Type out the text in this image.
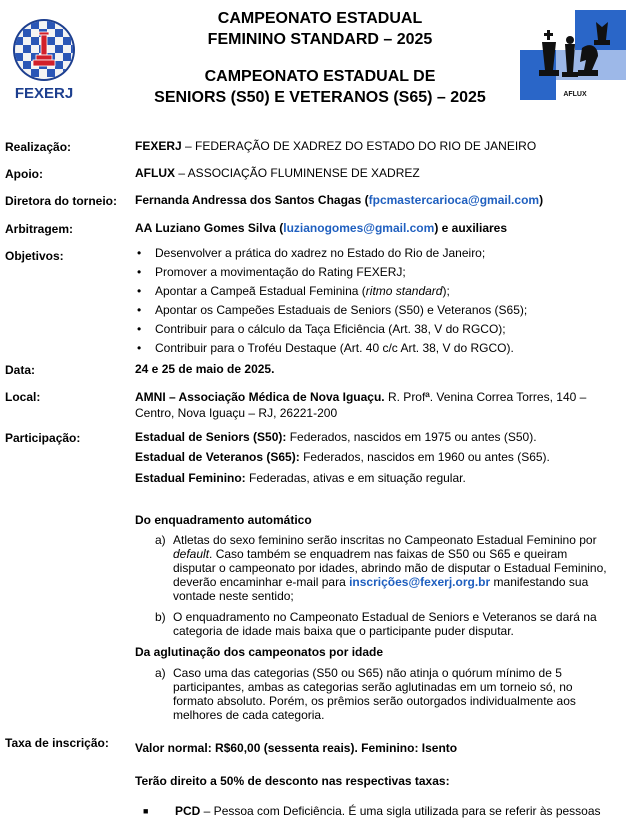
FEXERJ	AFLUX
CAMPEONATO ESTADUAL
FEMININO STANDARD – 2025
CAMPEONATO ESTADUAL DE
SENIORS (S50) E VETERANOS (S65) – 2025
Realização:	FEXERJ – FEDERAÇÃO DE XADREZ DO ESTADO DO RIO DE JANEIRO
Apoio:	AFLUX – ASSOCIAÇÃO FLUMINENSE DE XADREZ
Diretora do torneio: Fernanda Andressa dos Santos Chagas (fpcmastercarioca@gmail.com)
Arbitragem:	AA Luziano Gomes Silva (luzianogomes@gmail.com) e auxiliares
Objetivos:
•	Desenvolver a prática do xadrez no Estado do Rio de Janeiro;
• Promover a movimentação do Rating FEXERJ;
• Apontar a Campeã Estadual Feminina (ritmo standard);
• Apontar os Campeões Estaduais de Seniors (S50) e Veteranos (S65);
• Contribuir para o cálculo da Taça Eficiência (Art. 38, V do RGCO);
• Contribuir para o Troféu Destaque (Art. 40 c/c Art. 38, V do RGCO).
Data:	24 e 25 de maio de 2025.
Local:	AMNI – Associação Médica de Nova Iguaçu. R. Profª. Venina Correa Torres, 140 –
Centro, Nova Iguaçu – RJ, 26221-200
Participação:	Estadual de Seniors (S50): Federados, nascidos em 1975 ou antes (S50).
Estadual de Veteranos (S65): Federados, nascidos em 1960 ou antes (S65).
Estadual Feminino: Federadas, ativas e em situação regular.
Do enquadramento automático
a) Atletas do sexo feminino serão inscritas no Campeonato Estadual Feminino por
default. Caso também se enquadrem nas faixas de S50 ou S65 e queiram
disputar o campeonato por idades, abrindo mão de disputar o Estadual Feminino,
deverão encaminhar e-mail para inscrições@fexerj.org.br manifestando sua
vontade neste sentido;
b) O enquadramento no Campeonato Estadual de Seniors e Veteranos se dará na
categoria de idade mais baixa que o participante puder disputar.
Da aglutinação dos campeonatos por idade
a) Caso uma das categorias (S50 ou S65) não atinja o quórum mínimo de 5
participantes, ambas as categorias serão aglutinadas em um torneio só, no
formato absoluto. Porém, os prêmios serão outorgados individualmente aos
melhores de cada categoria.
Taxa de inscrição: Valor normal: R$60,00 (sessenta reais). Feminino: Isento
Terão direito a 50% de desconto nas respectivas taxas:
■ PCD – Pessoa com Deficiência. É uma sigla utilizada para se referir às pessoas
